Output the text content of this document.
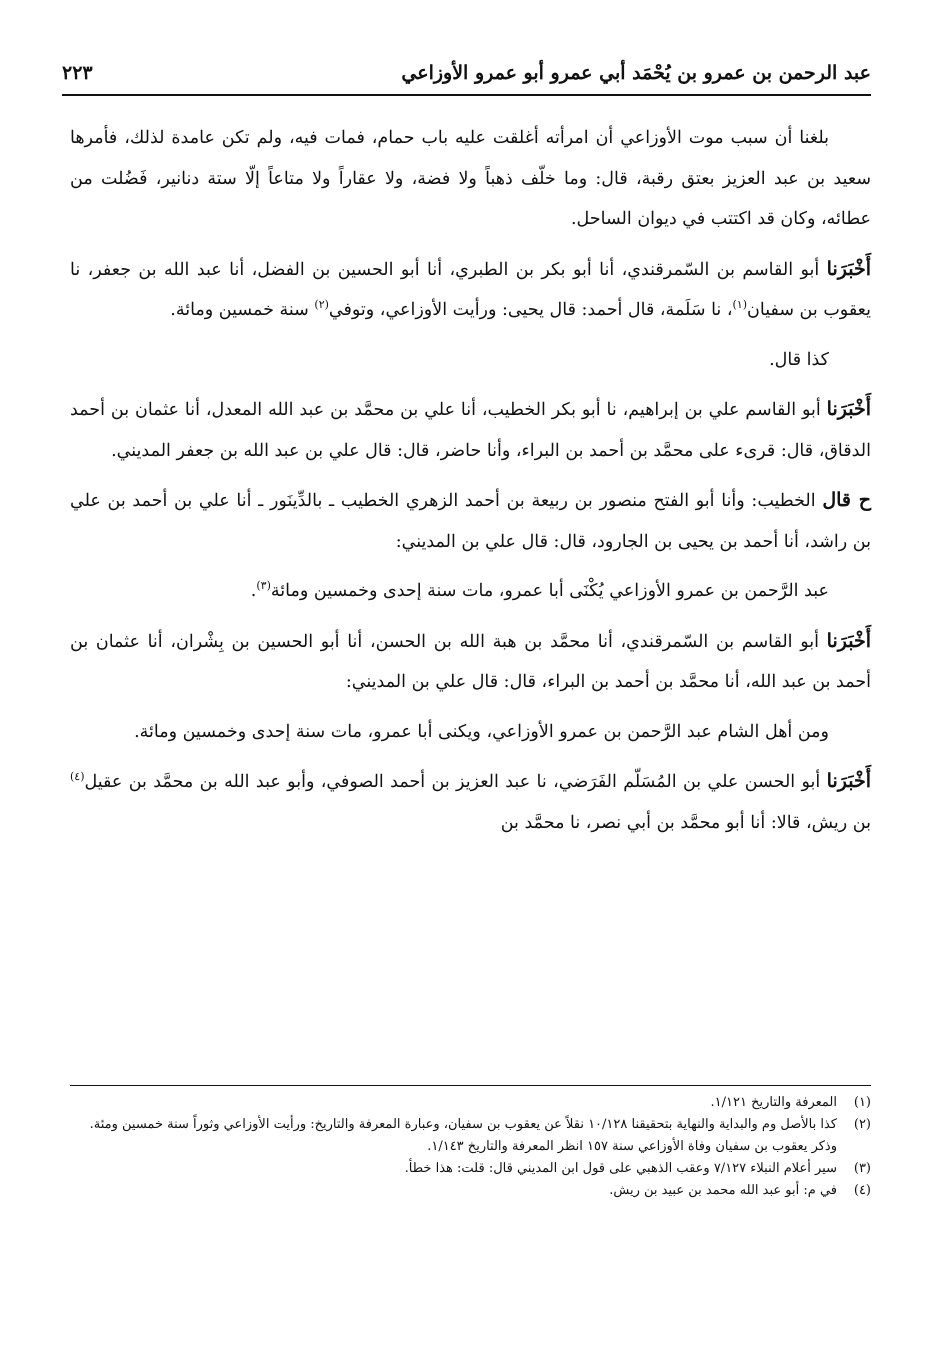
عبد الرحمن بن عمرو بن يُحْمَد أبي عمرو أبو عمرو الأوزاعي
٢٢٣

بلغنا أن سبب موت الأوزاعي أن امرأته أغلقت عليه باب حمام، فمات فيه، ولم تكن عامدة لذلك، فأمرها سعيد بن عبد العزيز بعتق رقبة، قال: وما خلّف ذهباً ولا فضة، ولا عقاراً ولا متاعاً إلّا ستة دنانير، فَضُلت من عطائه، وكان قد اكتتب في ديوان الساحل.

أَخْبَرَنا أبو القاسم بن السّمرقندي، أنا أبو بكر بن الطبري، أنا أبو الحسين بن الفضل، أنا عبد الله بن جعفر، نا يعقوب بن سفيان$^{(١)}$، نا سَلَمة، قال أحمد: قال يحيى: ورأيت الأوزاعي، وتوفي$^{(٢)}$ سنة خمسين ومائة.

كذا قال.

أَخْبَرَنا أبو القاسم علي بن إبراهيم، نا أبو بكر الخطيب، أنا علي بن محمَّد بن عبد الله المعدل، أنا عثمان بن أحمد الدقاق، قال: قرىء على محمَّد بن أحمد بن البراء، وأنا حاضر، قال: قال علي بن عبد الله بن جعفر المديني.

ح قال الخطيب: وأنا أبو الفتح منصور بن ربيعة بن أحمد الزهري الخطيب ـ بالدِّينَور ـ أنا علي بن أحمد بن علي بن راشد، أنا أحمد بن يحيى بن الجارود، قال: قال علي بن المديني:

عبد الرَّحمن بن عمرو الأوزاعي يُكْنَى أبا عمرو، مات سنة إحدى وخمسين ومائة$^{(٣)}$.

أَخْبَرَنا أبو القاسم بن السّمرقندي، أنا محمَّد بن هبة الله بن الحسن، أنا أبو الحسين بن بِشْران، أنا عثمان بن أحمد بن عبد الله، أنا محمَّد بن أحمد بن البراء، قال: قال علي بن المديني:

ومن أهل الشام عبد الرَّحمن بن عمرو الأوزاعي، ويكنى أبا عمرو، مات سنة إحدى وخمسين ومائة.

أَخْبَرَنا أبو الحسن علي بن المُسَلّم الفَرَضي، نا عبد العزيز بن أحمد الصوفي، وأبو عبد الله بن محمَّد بن عقيل$^{(٤)}$ بن ريش، قالا: أنا أبو محمَّد بن أبي نصر، نا محمَّد بن

(١)
المعرفة والتاريخ ١/١٢١.
(٢)
كذا بالأصل وم والبداية والنهاية بتحقيقنا ١٠/١٢٨ نقلاً عن يعقوب بن سفيان، وعبارة المعرفة والتاريخ: ورأيت الأوزاعي وثوراً سنة خمسين ومئة.
وذكر يعقوب بن سفيان وفاة الأوزاعي سنة ١٥٧ انظر المعرفة والتاريخ ١/١٤٣.
(٣)
سير أعلام النبلاء ٧/١٢٧ وعقب الذهبي على قول ابن المديني قال: قلت: هذا خطأ.
(٤)
في م: أبو عبد الله محمد بن عبيد بن ريش.
